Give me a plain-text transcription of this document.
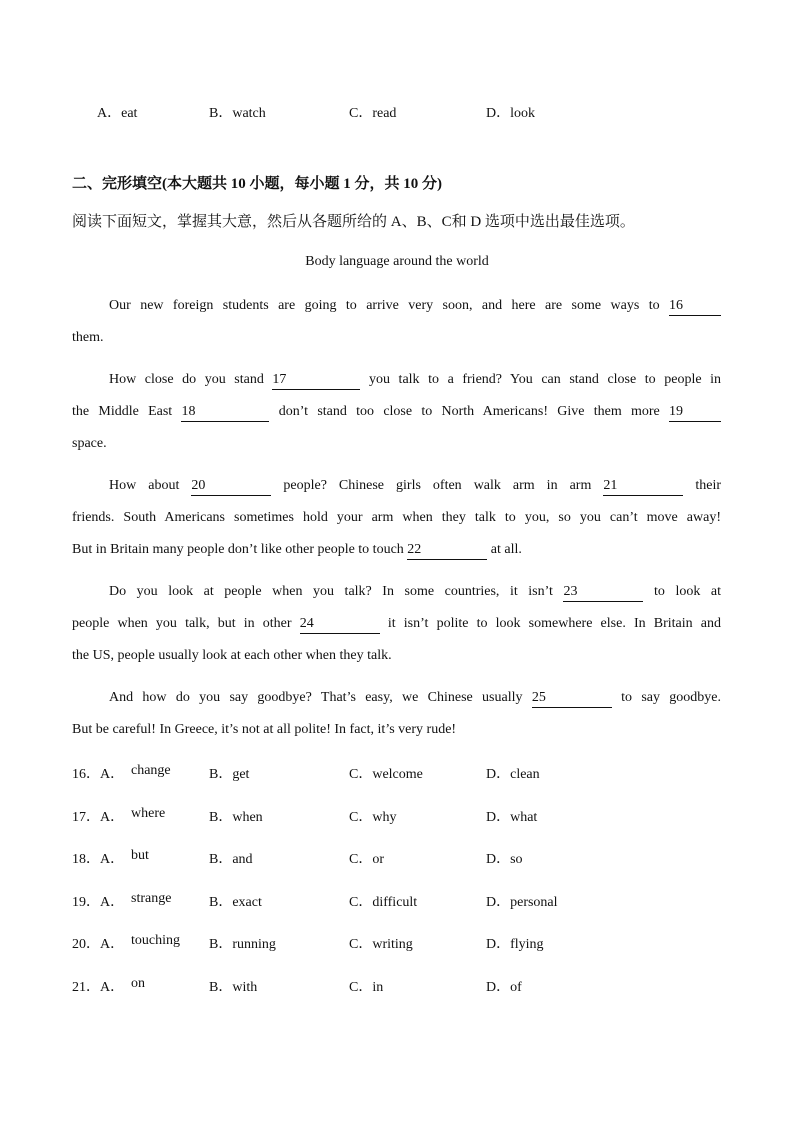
A．eat	B．watch	C．read	D．look
二、完形填空(本大题共 10 小题，每小题 1 分，共 10 分)
阅读下面短文，掌握其大意，然后从各题所给的 A、B、C和 D 选项中选出最佳选项。
Body language around the world
Our new foreign students are going to arrive very soon, and here are some ways to 16
them.
How close do you stand 17	you talk to a friend? You can stand close to people in
the Middle East 18	don’t stand too close to North Americans! Give them more 19
space.
How about 20	people? Chinese girls often walk arm in arm 21	their
friends. South Americans sometimes hold your arm when they talk to you, so you can’t move away!
But in Britain many people don’t like other people to touch 22	at all.
Do you look at people when you talk? In some countries, it isn’t 23	to look at
people when you talk, but in other 24	it isn’t polite to look somewhere else. In Britain and
the US, people usually look at each other when they talk.
And how do you say goodbye? That’s easy, we Chinese usually 25	to say goodbye.
But be careful! In Greece, it’s not at all polite! In fact, it’s very rude!
16．A． change	B．get	C．welcome	D．clean
17．A． where	B．when	C．why	D．what
18．A． but	B．and	C．or	D．so
19．A． strange	B．exact	C．difficult	D．personal
20．A． touching B．running	C．writing	D．flying
21．A． on	B．with	C．in	D．of
